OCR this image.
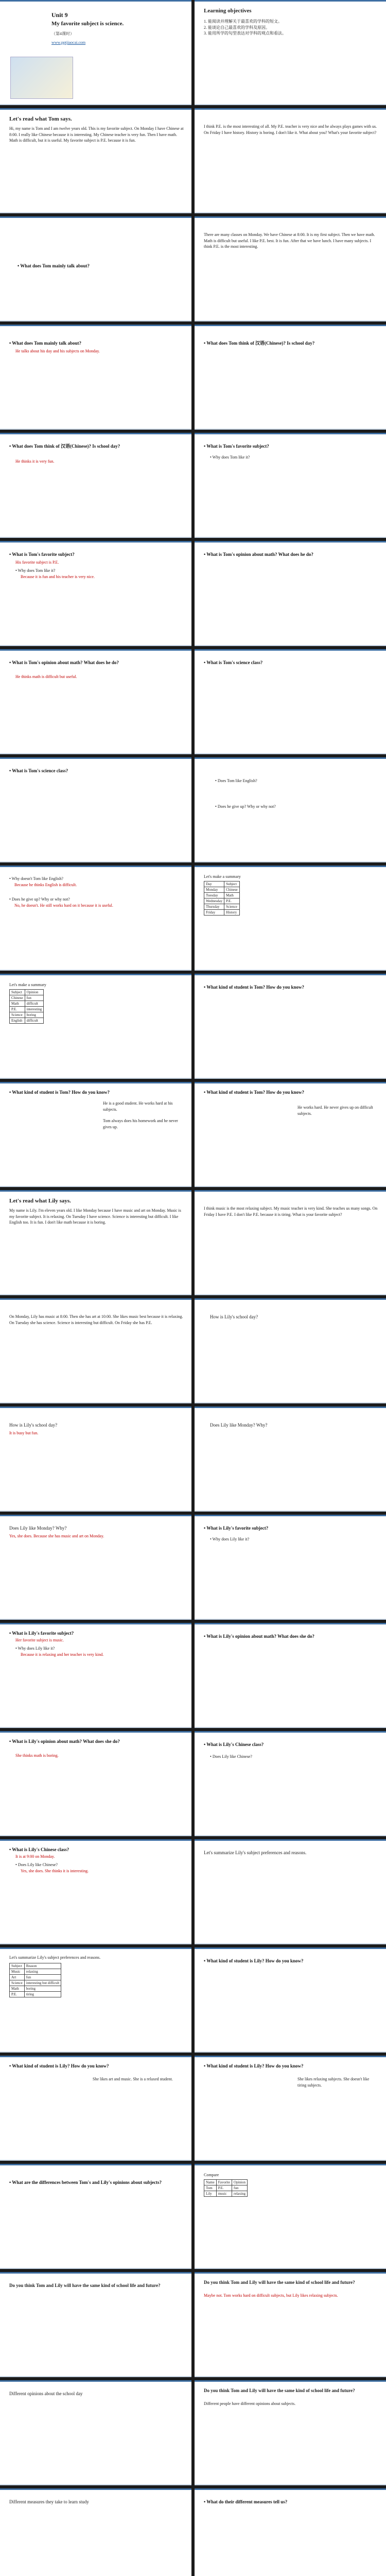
Unit 9
My favorite subject is science.
（第4课时）
www.pptjiaocai.com
Learning objectives
1. 能阅读并理解关于最喜欢的学科的短文。
2. 能谈论自己最喜欢的学科及原因。
3. 能用所学的句型表达对学科的观点和看法。
Let's read what Tom says.
Hi, my name is Tom and I am twelve years old. This is my favorite subject. On Monday I have Chinese at 8:00. I really like Chinese because it is interesting. My Chinese teacher is very fun. Then I have math. Math is difficult, but it is useful. My favorite subject is P.E. because it is fun.
I think P.E. is the most interesting of all. My P.E. teacher is very nice and he always plays games with us. On Friday I have history. History is boring. I don't like it. What about you? What's your favorite subject?
• What does Tom mainly talk about?
There are many classes on Monday. We have Chinese at 8:00. It is my first subject. Then we have math. Math is difficult but useful. I like P.E. best. It is fun. After that we have lunch. I have many subjects. I think P.E. is the most interesting.
• What does Tom mainly talk about?
He talks about his day and his subjects on Monday.
• What does Tom think of 汉语(Chinese)? Is school day?
• What does Tom think of 汉语(Chinese)? Is school day?
He thinks it is very fun.
• What is Tom's favorite subject?
• Why does Tom like it?
• What is Tom's favorite subject?
His favorite subject is P.E.
• Why does Tom like it?
Because it is fun and his teacher is very nice.
• What is Tom's opinion about math? What does he do?
• What is Tom's opinion about math? What does he do?
He thinks math is difficult but useful.
• What is Tom's science class?
• What is Tom's science class?
• Does Tom like English?
• Does he give up? Why or why not?
• Why doesn't Tom like English?
Because he thinks English is difficult.
• Does he give up? Why or why not?
No, he doesn't. He still works hard on it because it is useful.
Let's make a summary
Day	Subject
Monday	Chinese
Tuesday	Math
Wednesday	P.E.
Thursday	Science
Friday	History
Let's make a summary
Subject	Opinion
Chinese	fun
Math	difficult
P.E.	interesting
Science	boring
English	difficult
• What kind of student is Tom? How do you know?
• What kind of student is Tom? How do you know?
He is a good student. He works hard at his subjects.
Tom always does his homework and he never gives up.
• What kind of student is Tom? How do you know?
He works hard. He never gives up on difficult subjects.
Let's read what Lily says.
My name is Lily. I'm eleven years old. I like Monday because I have music and art on Monday. Music is my favorite subject. It is relaxing. On Tuesday I have science. Science is interesting but difficult. I like English too. It is fun. I don't like math because it is boring.
I think music is the most relaxing subject. My music teacher is very kind. She teaches us many songs. On Friday I have P.E. I don't like P.E. because it is tiring. What is your favorite subject?
On Monday, Lily has music at 8:00. Then she has art at 10:00. She likes music best because it is relaxing. On Tuesday she has science. Science is interesting but difficult. On Friday she has P.E.
How is Lily's school day?
How is Lily's school day?
It is busy but fun.
Does Lily like Monday? Why?
Does Lily like Monday? Why?
Yes, she does. Because she has music and art on Monday.
• What is Lily's favorite subject?
• Why does Lily like it?
• What is Lily's favorite subject?
Her favorite subject is music.
• Why does Lily like it?
Because it is relaxing and her teacher is very kind.
• What is Lily's opinion about math? What does she do?
• What is Lily's opinion about math? What does she do?
She thinks math is boring.
• What is Lily's Chinese class?
• Does Lily like Chinese?
• What is Lily's Chinese class?
It is at 9:00 on Monday.
• Does Lily like Chinese?
Yes, she does. She thinks it is interesting.
Let's summarize Lily's subject preferences and reasons.
Let's summarize Lily's subject preferences and reasons.
Subject	Reason
Music	relaxing
Art	fun
Science	interesting but difficult
Math	boring
P.E.	tiring
• What kind of student is Lily? How do you know?
• What kind of student is Lily? How do you know?
She likes art and music. She is a relaxed student.
• What kind of student is Lily? How do you know?
She likes relaxing subjects. She doesn't like tiring subjects.
• What are the differences between Tom's and Lily's opinions about subjects?
Compare
Name	Favorite	Opinion
Tom	P.E.	fun
Lily	music	relaxing
Do you think Tom and Lily will have the same kind of school life and future?
Do you think Tom and Lily will have the same kind of school life and future?
Maybe not. Tom works hard on difficult subjects, but Lily likes relaxing subjects.
Different opinions about the school day
Do you think Tom and Lily will have the same kind of school life and future?
Different people have different opinions about subjects.
Different measures they take to learn study	• What do their different measures tell us?
